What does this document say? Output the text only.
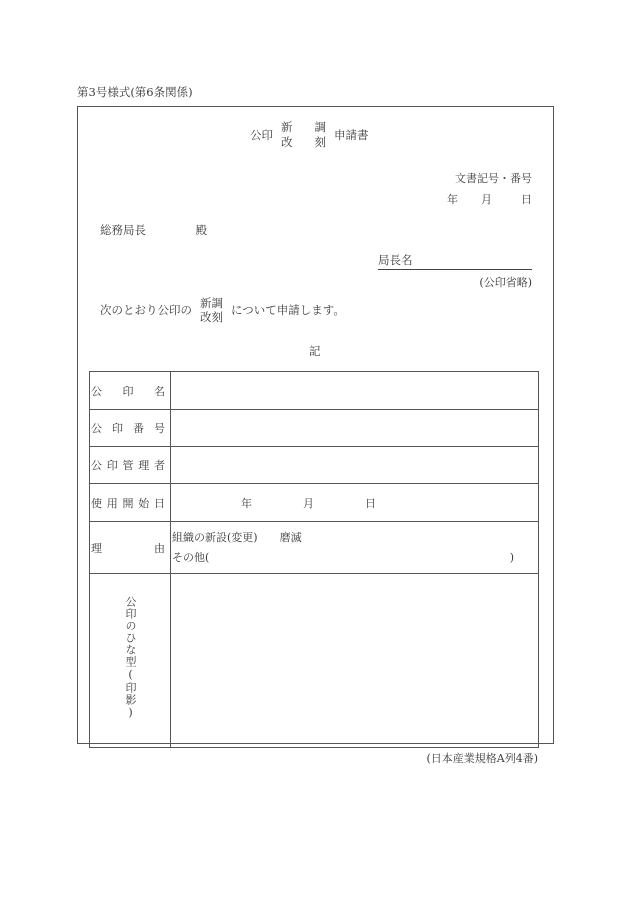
第3号様式(第6条関係)
公印
新
改
調
刻 申請書
文書記号・番号
年	月	日
総務局長	殿
局長名
(公印省略)
次のとおり公印の 新調
改刻 について申請します。
記
公 印 名	

公 印 番 号	

公 印 管 理 者	

使 用 開 始 日	年 月 日

理	由

組織の新設(変更)　　磨滅
その他(	)

公印のひな型(印影)	

(日本産業規格A列4番)
